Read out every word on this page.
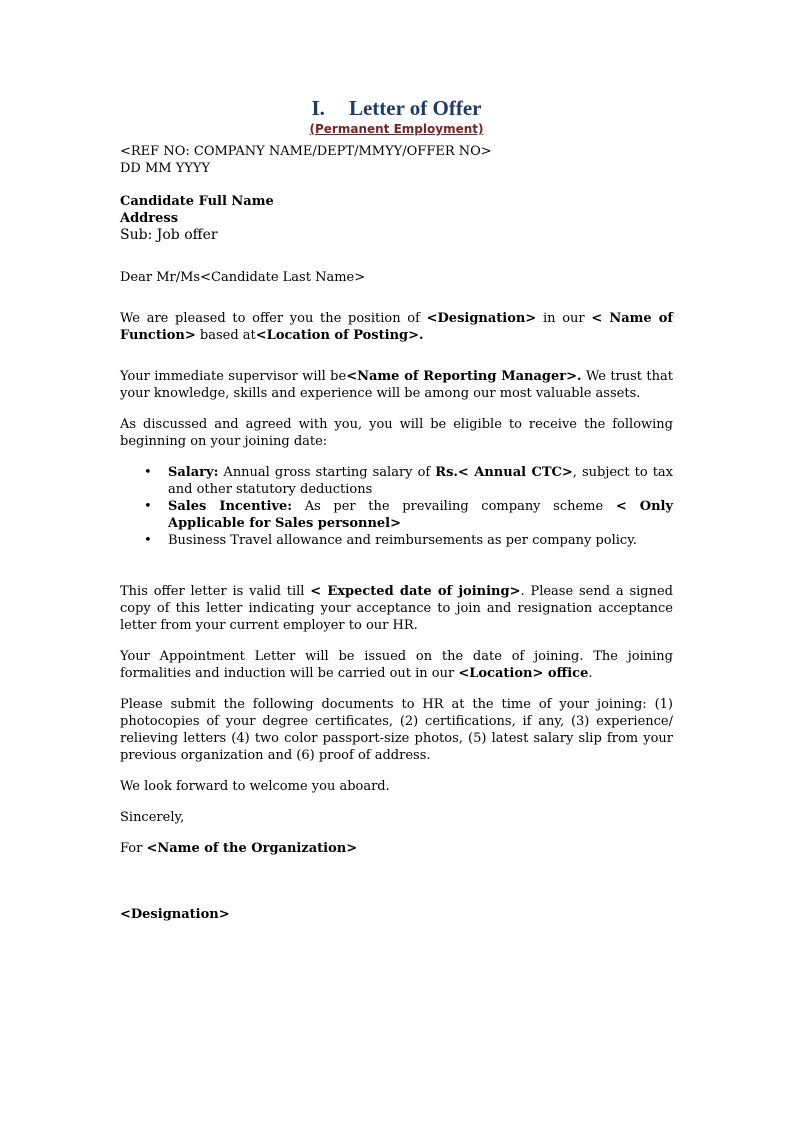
I. Letter of Offer
(Permanent Employment)
<REF NO: COMPANY NAME/DEPT/MMYY/OFFER NO>
DD MM YYYY
Candidate Full Name
Address
Sub: Job offer
Dear Mr/Ms<Candidate Last Name>

We are pleased to offer you the position of <Designation> in our < Name of Function> based at<Location of Posting>.

Your immediate supervisor will be<Name of Reporting Manager>. We trust that your knowledge, skills and experience will be among our most valuable assets.

As discussed and agreed with you, you will be eligible to receive the following beginning on your joining date:

• Salary: Annual gross starting salary of Rs.< Annual CTC>, subject to tax and other statutory deductions
• Sales Incentive: As per the prevailing company scheme < Only Applicable for Sales personnel>
• Business Travel allowance and reimbursements as per company policy.

This offer letter is valid till < Expected date of joining>. Please send a signed copy of this letter indicating your acceptance to join and resignation acceptance letter from your current employer to our HR.

Your Appointment Letter will be issued on the date of joining. The joining formalities and induction will be carried out in our <Location> office.

Please submit the following documents to HR at the time of your joining: (1) photocopies of your degree certificates, (2) certifications, if any, (3) experience/ relieving letters (4) two color passport-size photos, (5) latest salary slip from your previous organization and (6) proof of address.

We look forward to welcome you aboard.

Sincerely,

For <Name of the Organization>

<Designation>
